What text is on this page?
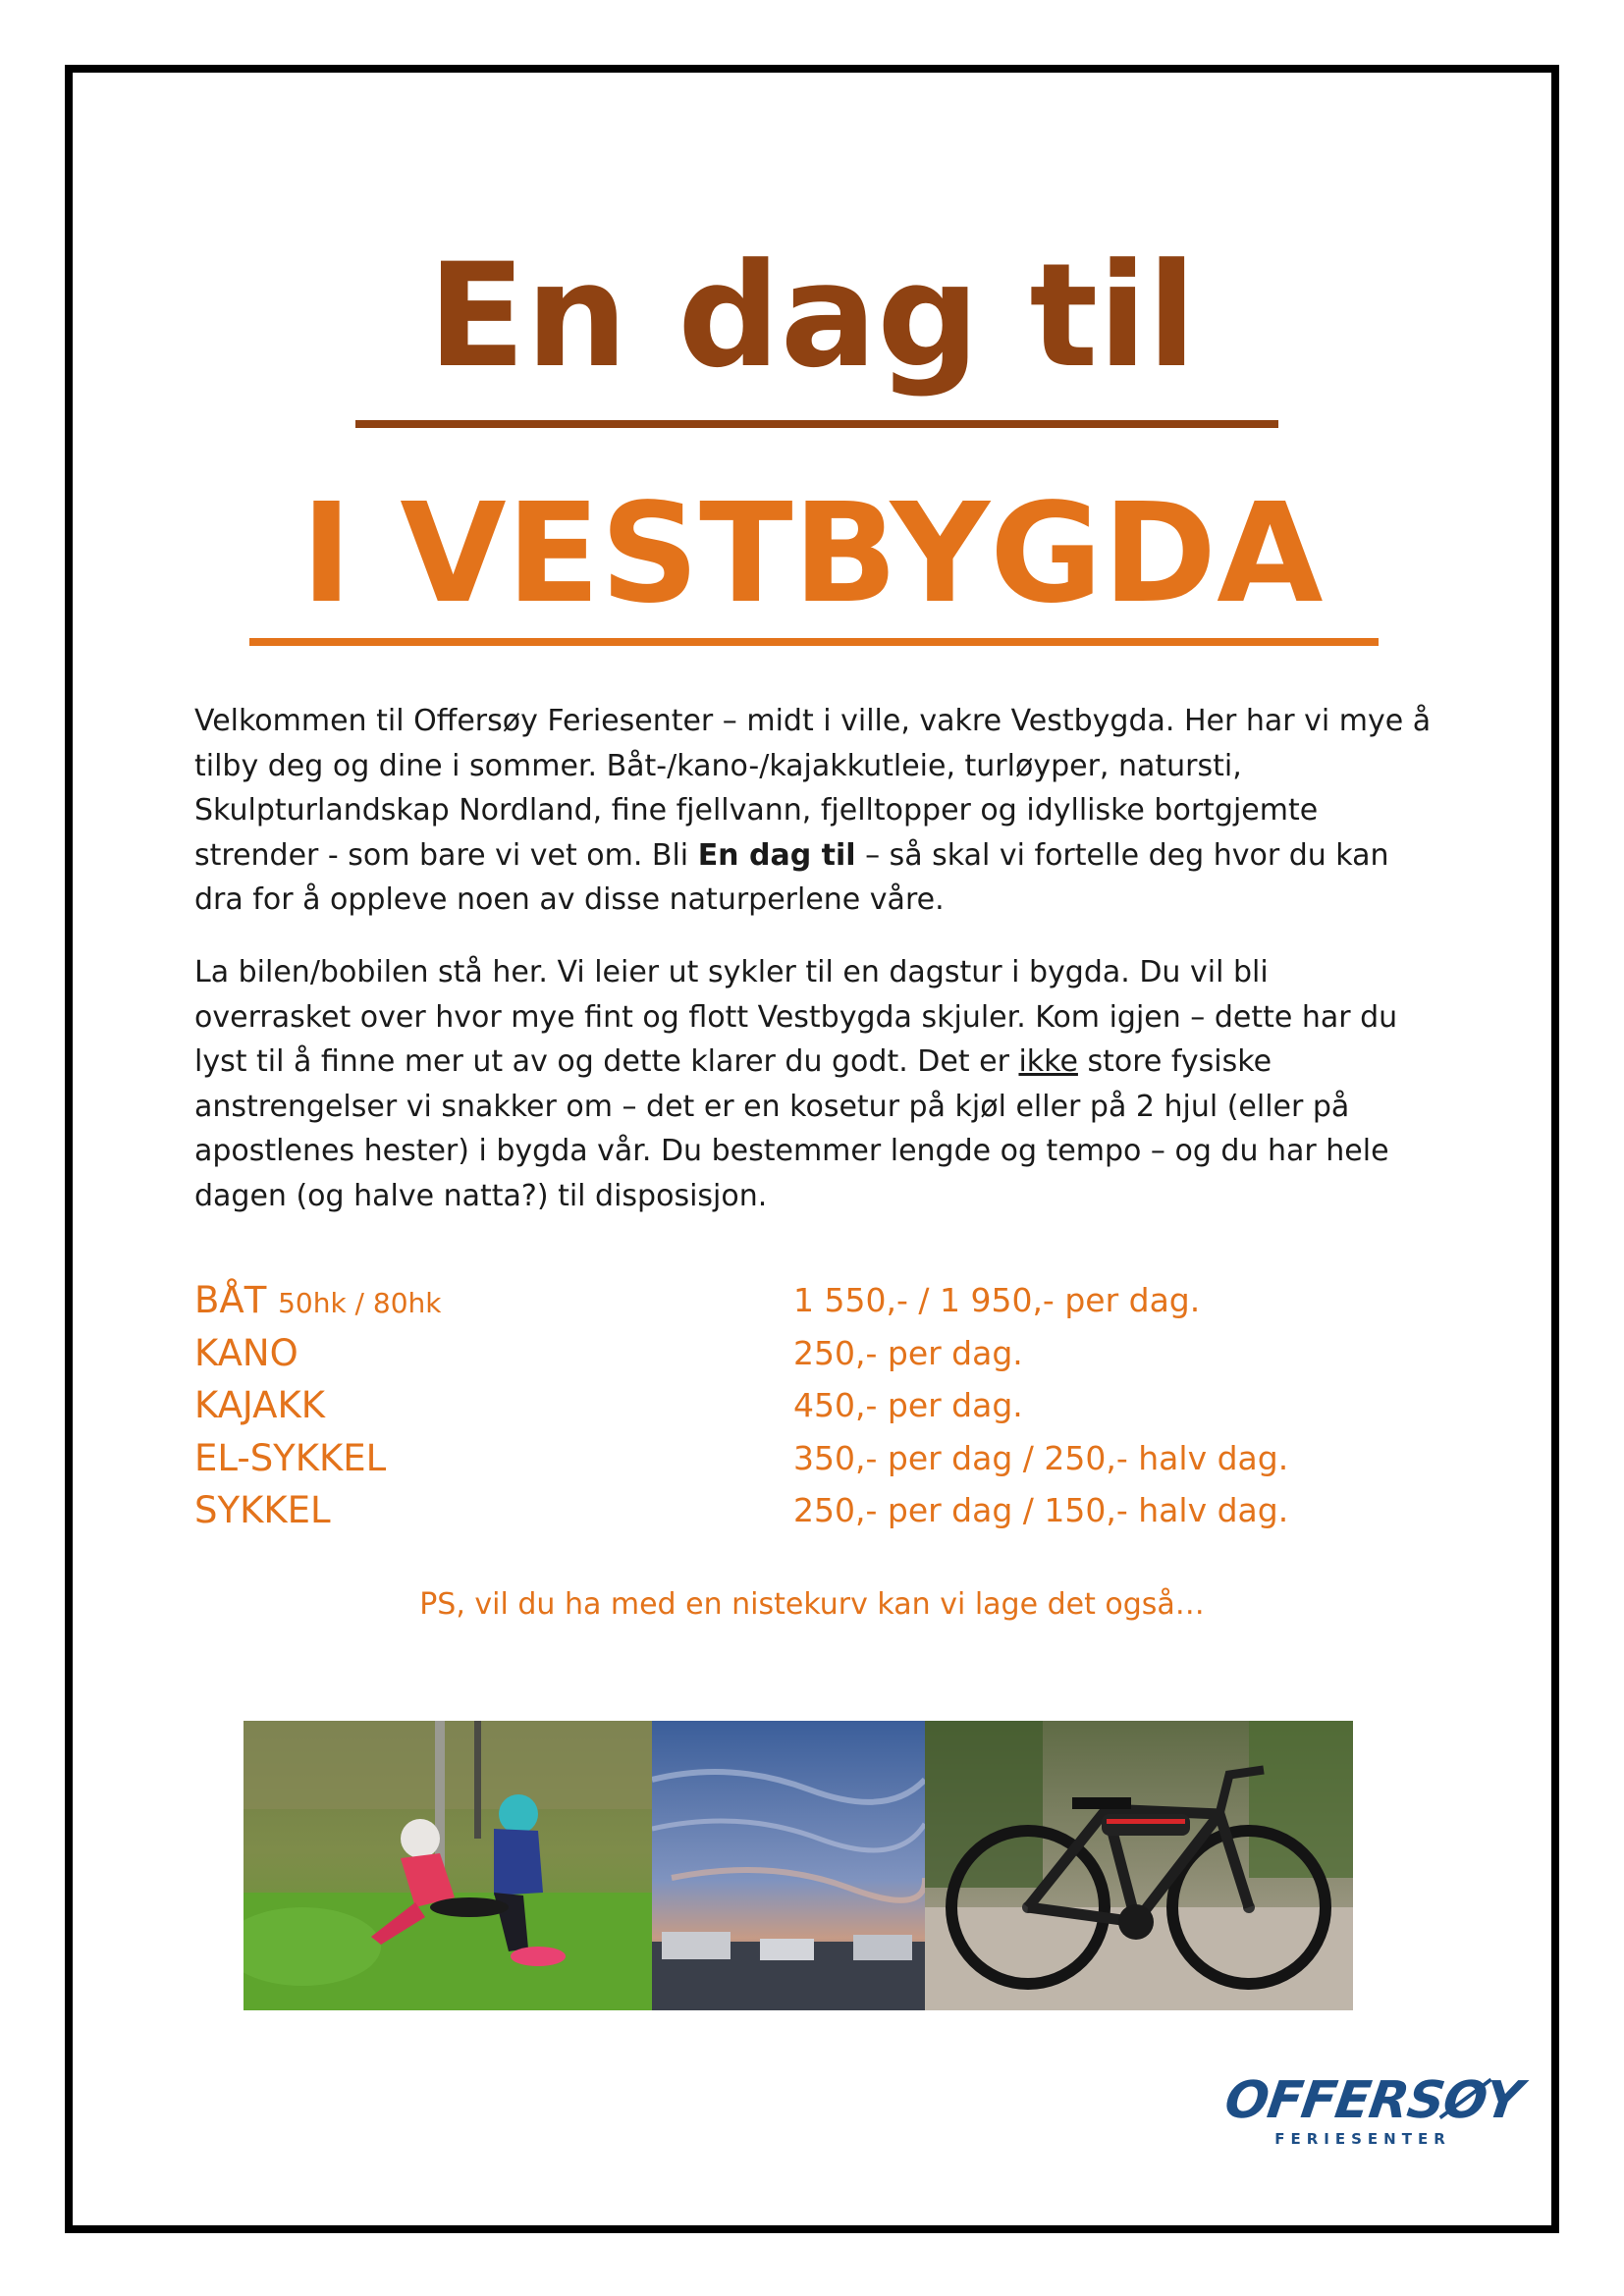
En dag til
I VESTBYGDA

Velkommen til Offersøy Feriesenter – midt i ville, vakre Vestbygda. Her har vi mye å tilby deg og dine i sommer. Båt-/kano-/kajakkutleie, turløyper, natursti, Skulpturlandskap Nordland, fine fjellvann, fjelltopper og idylliske bortgjemte strender - som bare vi vet om. Bli En dag til – så skal vi fortelle deg hvor du kan dra for å oppleve noen av disse naturperlene våre.

La bilen/bobilen stå her. Vi leier ut sykler til en dagstur i bygda. Du vil bli overrasket over hvor mye fint og flott Vestbygda skjuler. Kom igjen – dette har du lyst til å finne mer ut av og dette klarer du godt. Det er ikke store fysiske anstrengelser vi snakker om – det er en kosetur på kjøl eller på 2 hjul (eller på apostlenes hester) i bygda vår. Du bestemmer lengde og tempo – og du har hele dagen (og halve natta?) til disposisjon.

BÅT 50hk / 80hk	1 550,- / 1 950,- per dag.
KANO	250,- per dag.
KAJAKK	450,- per dag.
EL-SYKKEL	350,- per dag / 250,- halv dag.
SYKKEL	250,- per dag / 150,- halv dag.
PS, vil du ha med en nistekurv kan vi lage det også…
OFFERSØY
FERIESENTER
